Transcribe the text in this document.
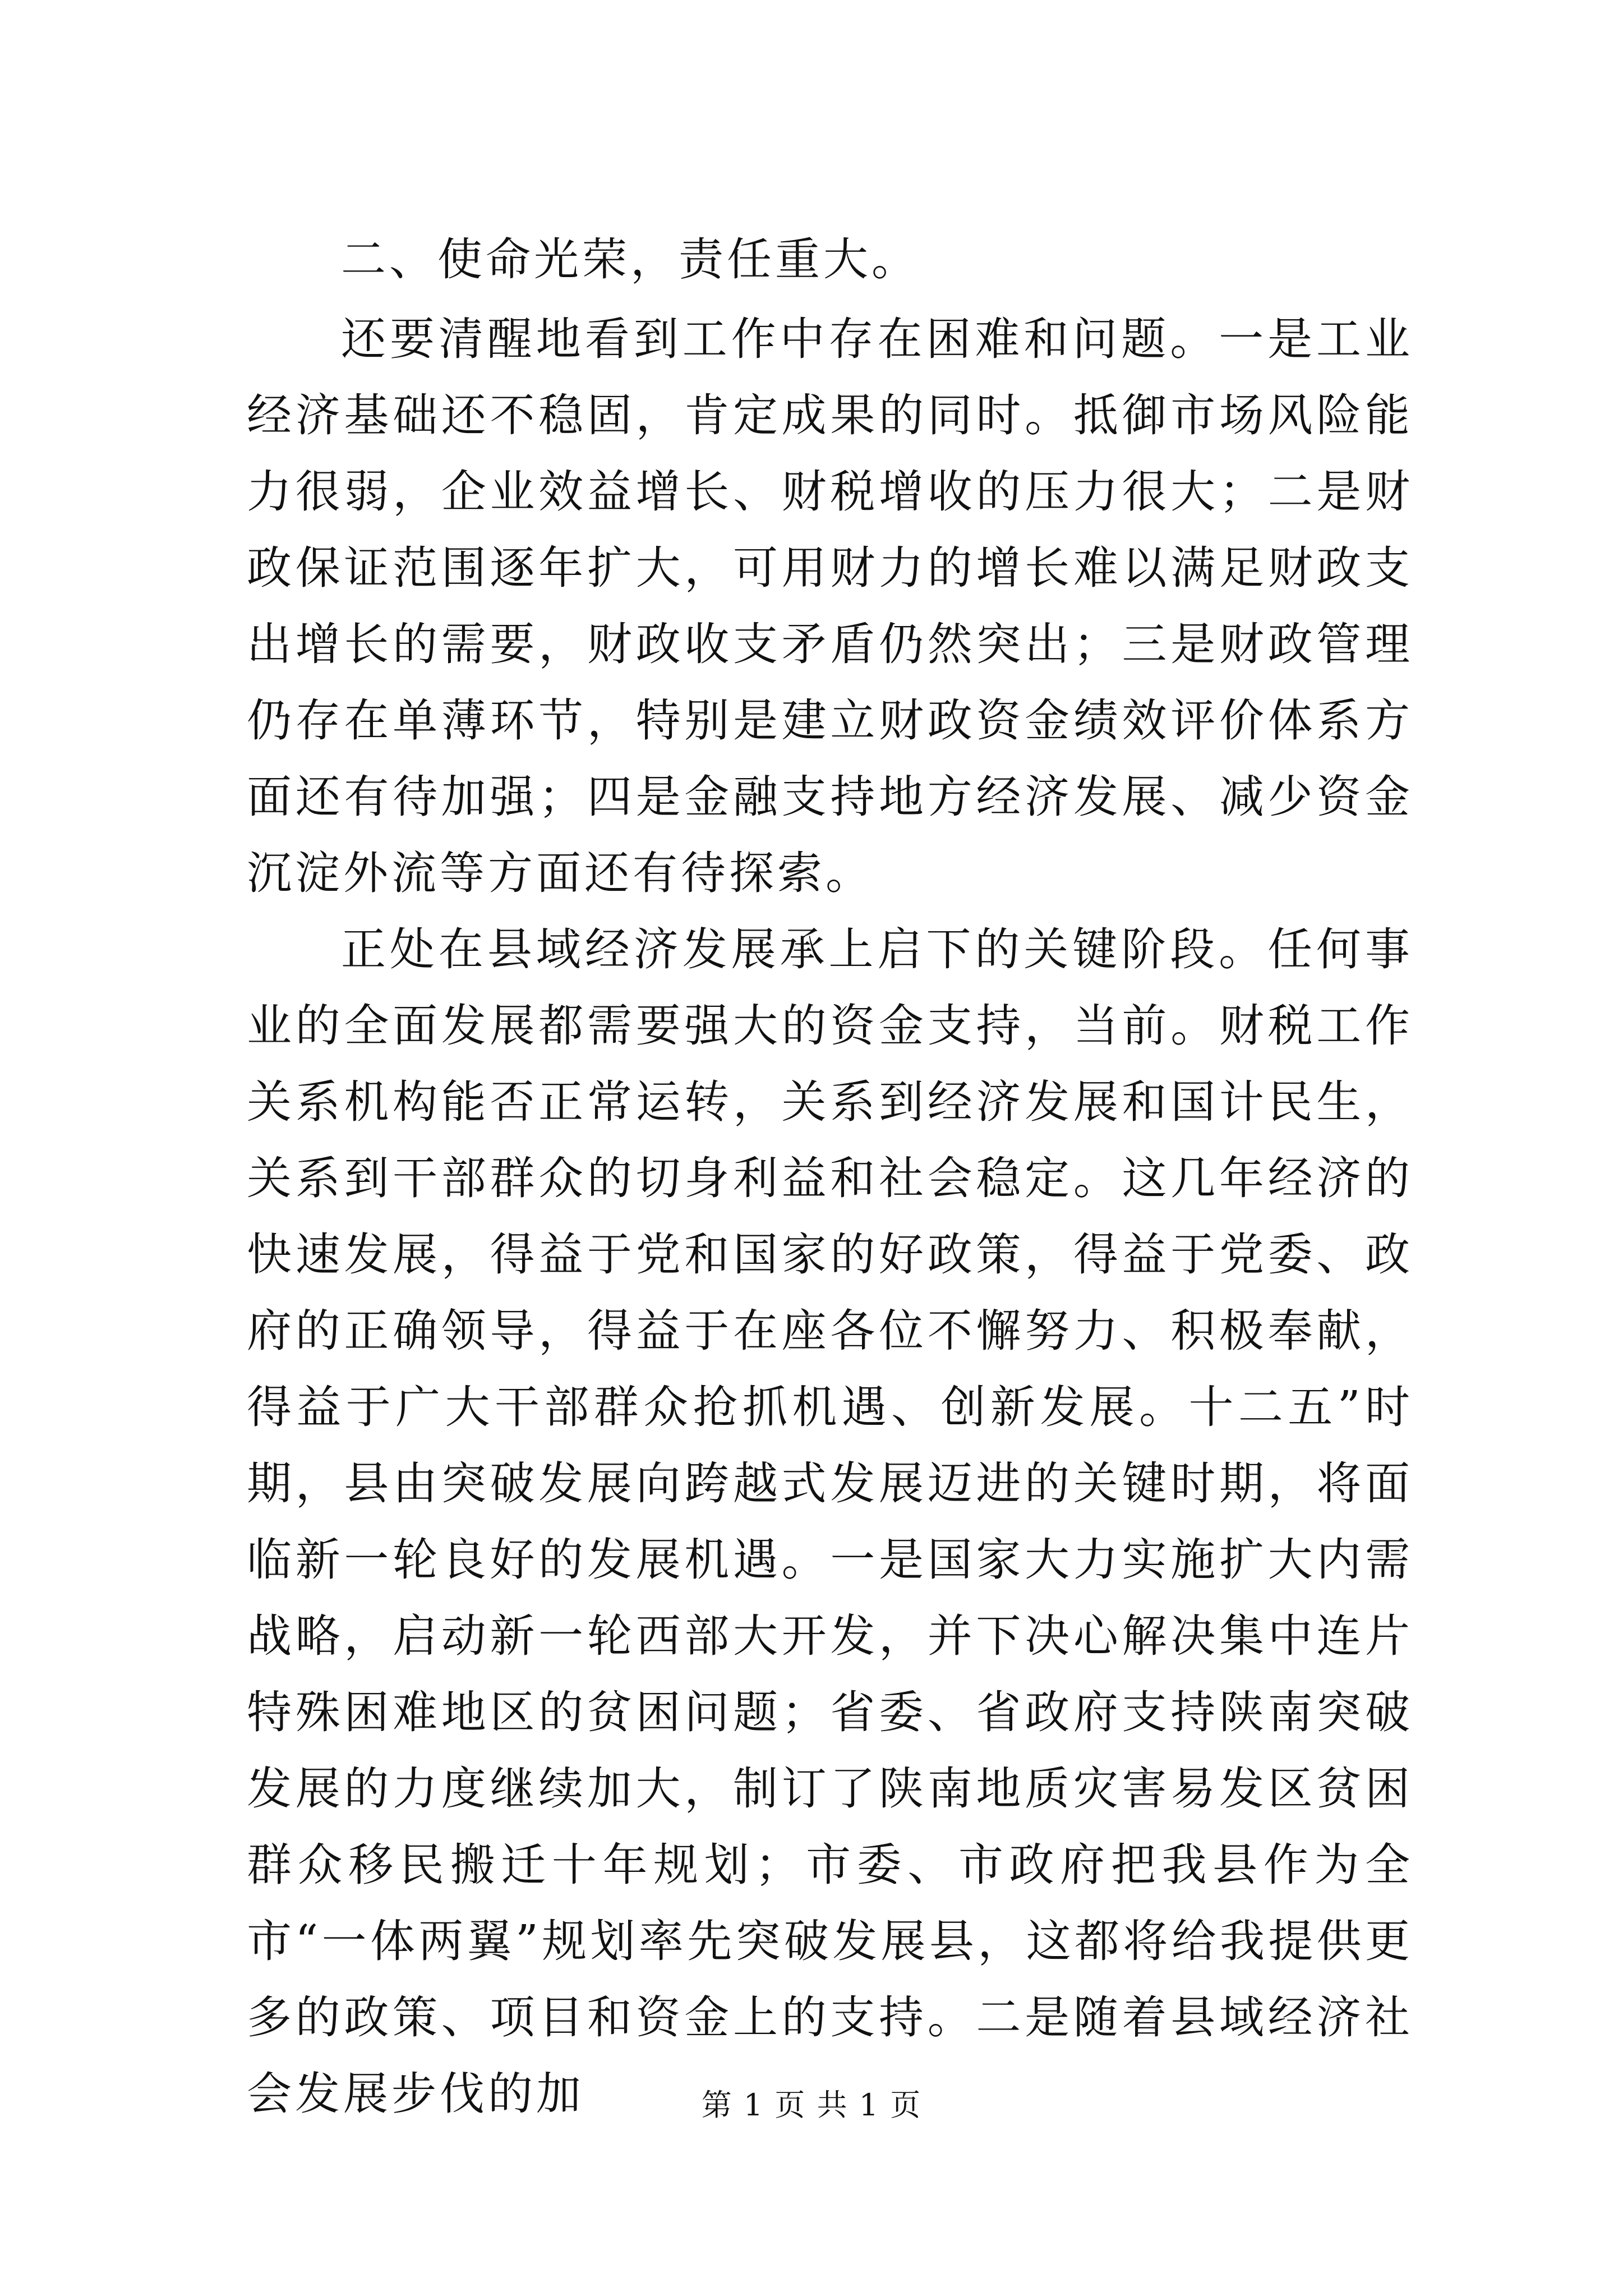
二、使命光荣，责任重大。

还要清醒地看到工作中存在困难和问题。一是工业经济基础还不稳固，肯定成果的同时。抵御市场风险能力很弱，企业效益增长、财税增收的压力很大；二是财政保证范围逐年扩大，可用财力的增长难以满足财政支出增长的需要，财政收支矛盾仍然突出；三是财政管理仍存在单薄环节，特别是建立财政资金绩效评价体系方面还有待加强；四是金融支持地方经济发展、减少资金沉淀外流等方面还有待探索。

正处在县域经济发展承上启下的关键阶段。任何事业的全面发展都需要强大的资金支持，当前。财税工作关系机构能否正常运转，关系到经济发展和国计民生，关系到干部群众的切身利益和社会稳定。这几年经济的快速发展，得益于党和国家的好政策，得益于党委、政府的正确领导，得益于在座各位不懈努力、积极奉献，得益于广大干部群众抢抓机遇、创新发展。十二五”时期，县由突破发展向跨越式发展迈进的关键时期，将面临新一轮良好的发展机遇。一是国家大力实施扩大内需战略，启动新一轮西部大开发，并下决心解决集中连片特殊困难地区的贫困问题；省委、省政府支持陕南突破发展的力度继续加大，制订了陕南地质灾害易发区贫困群众移民搬迁十年规划；市委、市政府把我县作为全市“一体两翼”规划率先突破发展县，这都将给我提供更多的政策、项目和资金上的支持。二是随着县域经济社会发展步伐的加	第 1 页 共 1 页
